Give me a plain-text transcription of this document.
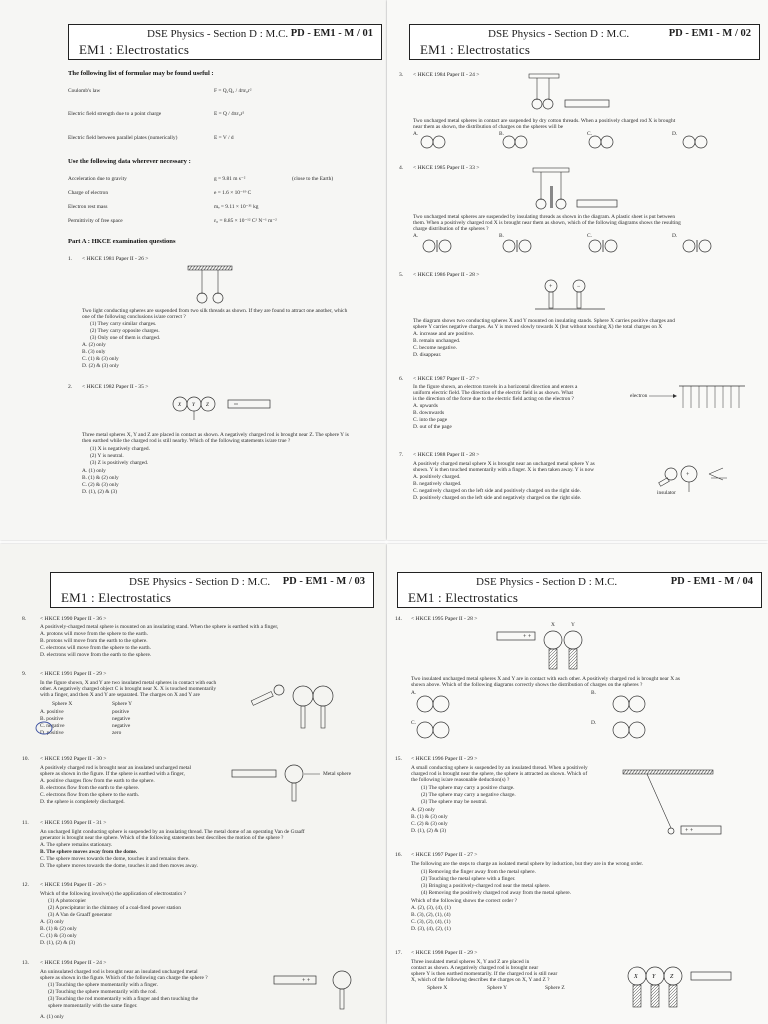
DSE Physics - Section D : M.C. PD - EM1 - M / 01
EM1 : Electrostatics
The following list of formulae may be found useful :
Coulomb's law	F = Q₁Q₂ / 4πε₀r²
Electric field strength due to a point charge	E = Q / 4πε₀r²
Electric field between parallel plates (numerically)	E = V / d
Use the following data wherever necessary :
Acceleration due to gravity	g = 9.81 m s⁻²	(close to the Earth)
Charge of electron	e = 1.6 × 10⁻¹⁹ C
Electron rest mass	mₑ = 9.11 × 10⁻³¹ kg
Permittivity of free space	ε₀ = 8.85 × 10⁻¹² C² N⁻¹ m⁻²
Part A : HKCE examination questions
1. < HKCE 1981 Paper II - 26 >
Two light conducting spheres are suspended from two silk threads as shown. If they are found to attract one another, which
one of the following conclusions is/are correct ?
(1) They carry similar charges.
(2) They carry opposite charges.
(3) Only one of them is charged.
A. (2) only
B. (3) only
C. (1) & (3) only
D. (2) & (3) only
2. < HKCE 1982 Paper II - 35 >
X Y Z
Three metal spheres X, Y and Z are placed in contact as shown. A negatively charged rod is brought near Z. The sphere Y is
then earthed while the charged rod is still nearby. Which of the following statements is/are true ?
(1) X is negatively charged.
(2) Y is neutral.
(3) Z is positively charged.
A. (1) only
B. (1) & (2) only
C. (2) & (3) only
D. (1), (2) & (3)
DSE Physics - Section D : M.C.	PD - EM1 - M / 02
EM1 : Electrostatics
3. < HKCE 1984 Paper II - 24 >
Two uncharged metal spheres in contact are suspended by dry cotton threads. When a positively charged rod X is brought
near them as shown, the distribution of charges on the spheres will be
A.	B.	C.	D.
4. < HKCE 1985 Paper II - 33 >
Two uncharged metal spheres are suspended by insulating threads as shown in the diagram. A plastic sheet is put between
them. When a positively charged rod X is brought near them as shown, which of the following diagrams shows the resulting
charge distribution of the spheres ?
A.	B.	C.	D.
5. < HKCE 1986 Paper II - 28 >
+	−
The diagram shows two conducting spheres X and Y mounted on insulating stands. Sphere X carries positive charges and
sphere Y carries negative charges. As Y is moved slowly towards X (but without touching X) the total charges on X
A. increase and are positive.
B. remain unchanged.
C. become negative.
D. disappear.
6. < HKCE 1987 Paper II - 27 >
In the figure shown, an electron travels in a horizontal direction and enters a
uniform electric field. The direction of the electric field is as shown. What
is the direction of the force due to the electric field acting on the electron ?
A. upwards
B. downwards
C. into the page
D. out of the page
electron
7. < HKCE 1988 Paper II - 28 >
A positively charged metal sphere X is brought near an uncharged metal sphere Y as
shown. Y is then touched momentarily with a finger. X is then taken away. Y is now
A. positively charged.
B. negatively charged.
C. negatively charged on the left side and positively charged on the right side.
D. positively charged on the left side and negatively charged on the right side.
+
insulator
DSE Physics - Section D : M.C. PD - EM1 - M / 03
EM1 : Electrostatics
8. < HKCE 1990 Paper II - 36 >
A positively-charged metal sphere is mounted on an insulating stand. When the sphere is earthed with a finger,
A. protons will move from the sphere to the earth.
B. protons will move from the earth to the sphere.
C. electrons will move from the sphere to the earth.
D. electrons will move from the earth to the sphere.
9. < HKCE 1991 Paper II - 29 >
In the figure shown, X and Y are two insulated metal spheres in contact with each
other. A negatively charged object C is brought near X. X is touched momentarily
with a finger, and then X and Y are separated. The charges on X and Y are
Sphere X	Sphere Y
A. positive	positive
B. positive	negative
C. negative	negative
D. positive	zero
10. < HKCE 1992 Paper II - 30 >
A positively charged rod is brought near an insulated uncharged metal
sphere as shown in the figure. If the sphere is earthed with a finger,
A. positive charges flow from the earth to the sphere.
B. electrons flow from the earth to the sphere.
C. electrons flow from the sphere to the earth.
D. the sphere is completely discharged.
Metal sphere
11. < HKCE 1993 Paper II - 31 >
An uncharged light conducting sphere is suspended by an insulating thread. The metal dome of an operating Van de Graaff
generator is brought near the sphere. Which of the following statements best describes the motion of the sphere ?
A. The sphere remains stationary.
B. The sphere moves away from the dome.
C. The sphere moves towards the dome, touches it and remains there.
D. The sphere moves towards the dome, touches it and then moves away.
12. < HKCE 1994 Paper II - 26 >
Which of the following involve(s) the application of electrostatics ?
(1) A photocopier
(2) A precipitator in the chimney of a coal-fired power station
(3) A Van de Graaff generator
A. (3) only
B. (1) & (2) only
C. (1) & (3) only
D. (1), (2) & (3)
13. < HKCE 1994 Paper II - 24 >
An uninsulated charged rod is brought near an insulated uncharged metal
sphere as shown in the figure. Which of the following can charge the sphere ?
(1) Touching the sphere momentarily with a finger.
(2) Touching the sphere momentarily with the rod.
(3) Touching the rod momentarily with a finger and then touching the
sphere momentarily with the same finger.
A. (1) only
+ +
DSE Physics - Section D : M.C.	PD - EM1 - M / 04
EM1 : Electrostatics
14. < HKCE 1995 Paper II - 28 >
+ +
X	Y
Two insulated uncharged metal spheres X and Y are in contact with each other. A positively charged rod is brought near X as
shown above. Which of the following diagrams correctly shows the distribution of charges on the spheres ?
A.	B.
C.	D.
15. < HKCE 1996 Paper II - 29 >
A small conducting sphere is suspended by an insulated thread. When a positively
charged rod is brought near the sphere, the sphere is attracted as shown. Which of
the following is/are reasonable deduction(s) ?
(1) The sphere may carry a positive charge.
(2) The sphere may carry a negative charge.
(3) The sphere may be neutral.
A. (2) only
B. (1) & (3) only
C. (2) & (3) only
D. (1), (2) & (3)	+ +
16. < HKCE 1997 Paper II - 27 >
The following are the steps to charge an isolated metal sphere by induction, but they are in the wrong order.
(1) Removing the finger away from the metal sphere.
(2) Touching the metal sphere with a finger.
(3) Bringing a positively-charged rod near the metal sphere.
(4) Removing the positively charged rod away from the metal sphere.
Which of the following shows the correct order ?
A. (2), (3), (4), (1)
B. (3), (2), (1), (4)
C. (3), (2), (4), (1)
D. (3), (4), (2), (1)
17. < HKCE 1998 Paper II - 29 >
Three insulated metal spheres X, Y and Z are placed in
contact as shown. A negatively charged rod is brought near
sphere Y is then earthed momentarily. If the charged rod is still near
X, which of the following describes the charges on X, Y and Z ?
Sphere X	Sphere Y	Sphere Z
X Y Z
